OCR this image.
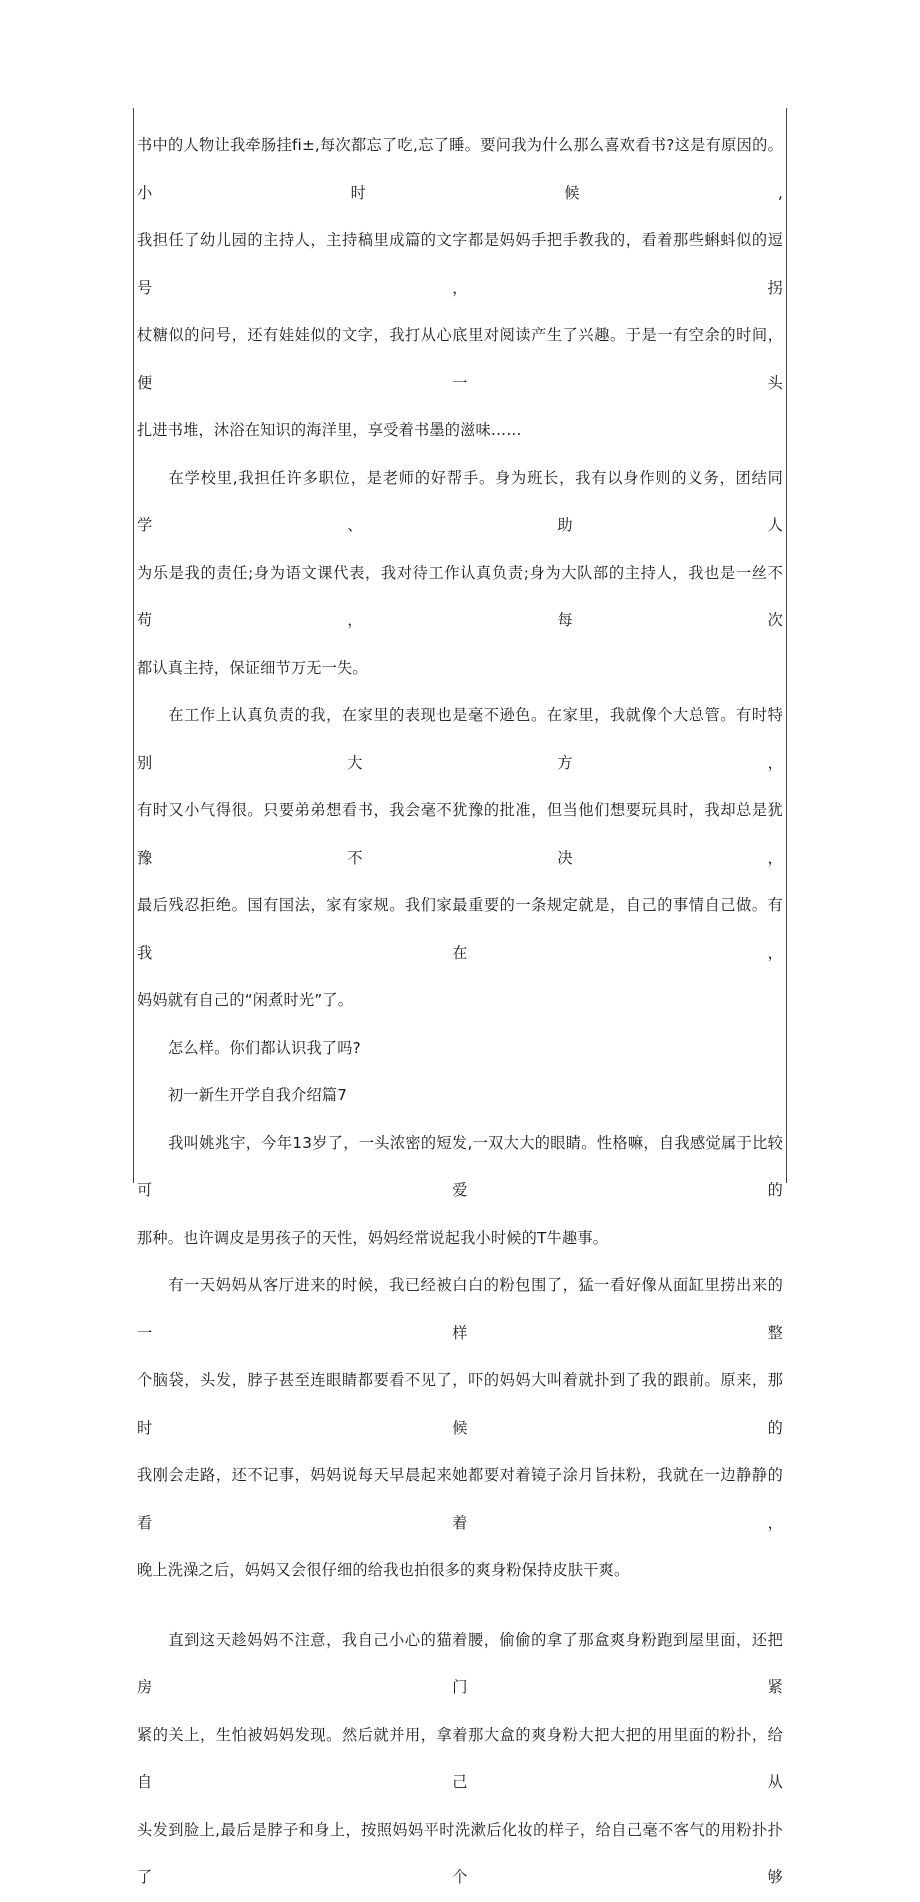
书中的人物让我牵肠挂fi±,每次都忘了吃,忘了睡。要问我为什么那么喜欢看书?这是有原因的。小时候,
我担任了幼儿园的主持人，主持稿里成篇的文字都是妈妈手把手教我的，看着那些蝌蚪似的逗号，拐
杖糖似的问号，还有娃娃似的文字，我打从心底里对阅读产生了兴趣。于是一有空余的时间，便一头
扎进书堆，沐浴在知识的海洋里，享受着书墨的滋味……
在学校里,我担任许多职位，是老师的好帮手。身为班长，我有以身作则的义务，团结同学、助人
为乐是我的责任;身为语文课代表，我对待工作认真负责;身为大队部的主持人，我也是一丝不苟，每次
都认真主持，保证细节万无一失。
在工作上认真负责的我，在家里的表现也是毫不逊色。在家里，我就像个大总管。有时特别大方，
有时又小气得很。只要弟弟想看书，我会毫不犹豫的批准，但当他们想要玩具时，我却总是犹豫不决，
最后残忍拒绝。国有国法，家有家规。我们家最重要的一条规定就是，自己的事情自己做。有我在，
妈妈就有自己的“闲煮时光”了。
怎么样。你们都认识我了吗?
初一新生开学自我介绍篇7
我叫姚兆宇，今年13岁了，一头浓密的短发,一双大大的眼睛。性格嘛，自我感觉属于比较可爱的
那种。也许调皮是男孩子的天性，妈妈经常说起我小时候的T牛趣事。
有一天妈妈从客厅进来的时候，我已经被白白的粉包围了，猛一看好像从面缸里捞出来的一样整
个脑袋，头发，脖子甚至连眼睛都要看不见了，吓的妈妈大叫着就扑到了我的跟前。原来，那时候的
我刚会走路，还不记事，妈妈说每天早晨起来她都要对着镜子涂月旨抹粉，我就在一边静静的看着，
晚上洗澡之后，妈妈又会很仔细的给我也拍很多的爽身粉保持皮肤干爽。
直到这天趁妈妈不注意，我自己小心的猫着腰，偷偷的拿了那盒爽身粉跑到屋里面，还把房门紧
紧的关上，生怕被妈妈发现。然后就并用，拿着那大盒的爽身粉大把大把的用里面的粉扑，给自己从
头发到脸上,最后是脖子和身上，按照妈妈平时洗漱后化妆的样子，给自己毫不客气的用粉扑扑了个够
